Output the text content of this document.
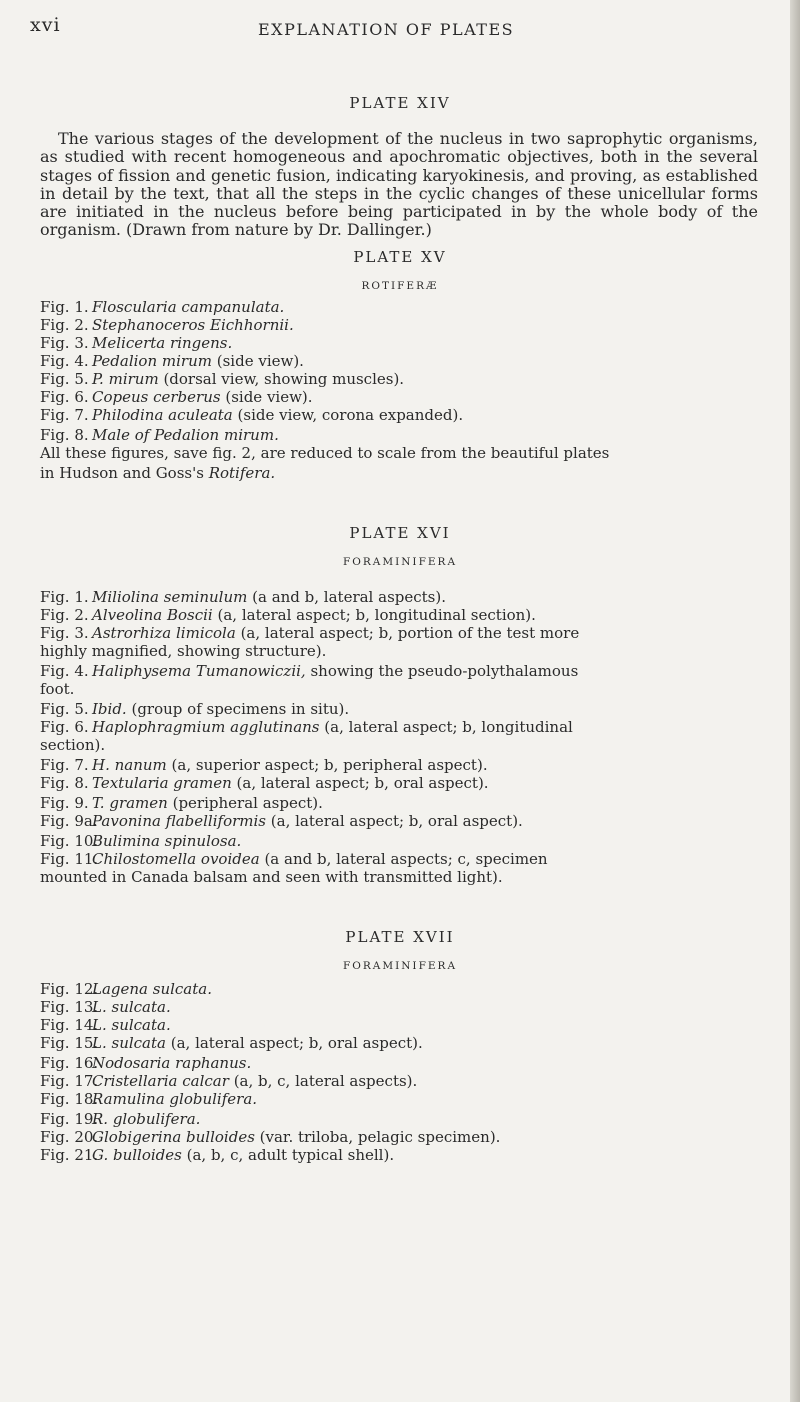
xvi	EXPLANATION OF PLATES
PLATE XIV
The various stages of the development of the nucleus in two saprophytic organisms, as studied with recent homogeneous and apochromatic objectives, both in the several stages of fission and genetic fusion, indicating karyokinesis, and proving, as established in detail by the text, that all the steps in the cyclic changes of these unicellular forms are initiated in the nucleus before being participated in by the whole body of the organism. (Drawn from nature by Dr. Dallinger.)
PLATE XV
ROTIFERÆ
Fig. 1. Floscularia campanulata.
Fig. 2. Stephanoceros Eichhornii.
Fig. 3. Melicerta ringens.
Fig. 4. Pedalion mirum (side view).
Fig. 5. P. mirum (dorsal view, showing muscles).
Fig. 6. Copeus cerberus (side view).
Fig. 7. Philodina aculeata (side view, corona expanded).
Fig. 8. Male of Pedalion mirum.
All these figures, save fig. 2, are reduced to scale from the beautiful plates
in Hudson and Goss's Rotifera.
PLATE XVI
FORAMINIFERA
Fig. 1. Miliolina seminulum (a and b, lateral aspects).
Fig. 2. Alveolina Boscii (a, lateral aspect; b, longitudinal section).
Fig. 3. Astrorhiza limicola (a, lateral aspect; b, portion of the test more
highly magnified, showing structure).
Fig. 4. Haliphysema Tumanowiczii, showing the pseudo-polythalamous
foot.
Fig. 5. Ibid. (group of specimens in situ).
Fig. 6. Haplophragmium agglutinans (a, lateral aspect; b, longitudinal
section).
Fig. 7. H. nanum (a, superior aspect; b, peripheral aspect).
Fig. 8. Textularia gramen (a, lateral aspect; b, oral aspect).
Fig. 9. T. gramen (peripheral aspect).
Fig. 9a.Pavonina flabelliformis (a, lateral aspect; b, oral aspect).
Fig. 10.Bulimina spinulosa.
Fig. 11.Chilostomella ovoidea (a and b, lateral aspects; c, specimen
mounted in Canada balsam and seen with transmitted light).
PLATE XVII
FORAMINIFERA
Fig. 12.Lagena sulcata.
Fig. 13.L. sulcata.
Fig. 14.L. sulcata.
Fig. 15.L. sulcata (a, lateral aspect; b, oral aspect).
Fig. 16.Nodosaria raphanus.
Fig. 17.Cristellaria calcar (a, b, c, lateral aspects).
Fig. 18.Ramulina globulifera.
Fig. 19.R. globulifera.
Fig. 20.Globigerina bulloides (var. triloba, pelagic specimen).
Fig. 21.G. bulloides (a, b, c, adult typical shell).
